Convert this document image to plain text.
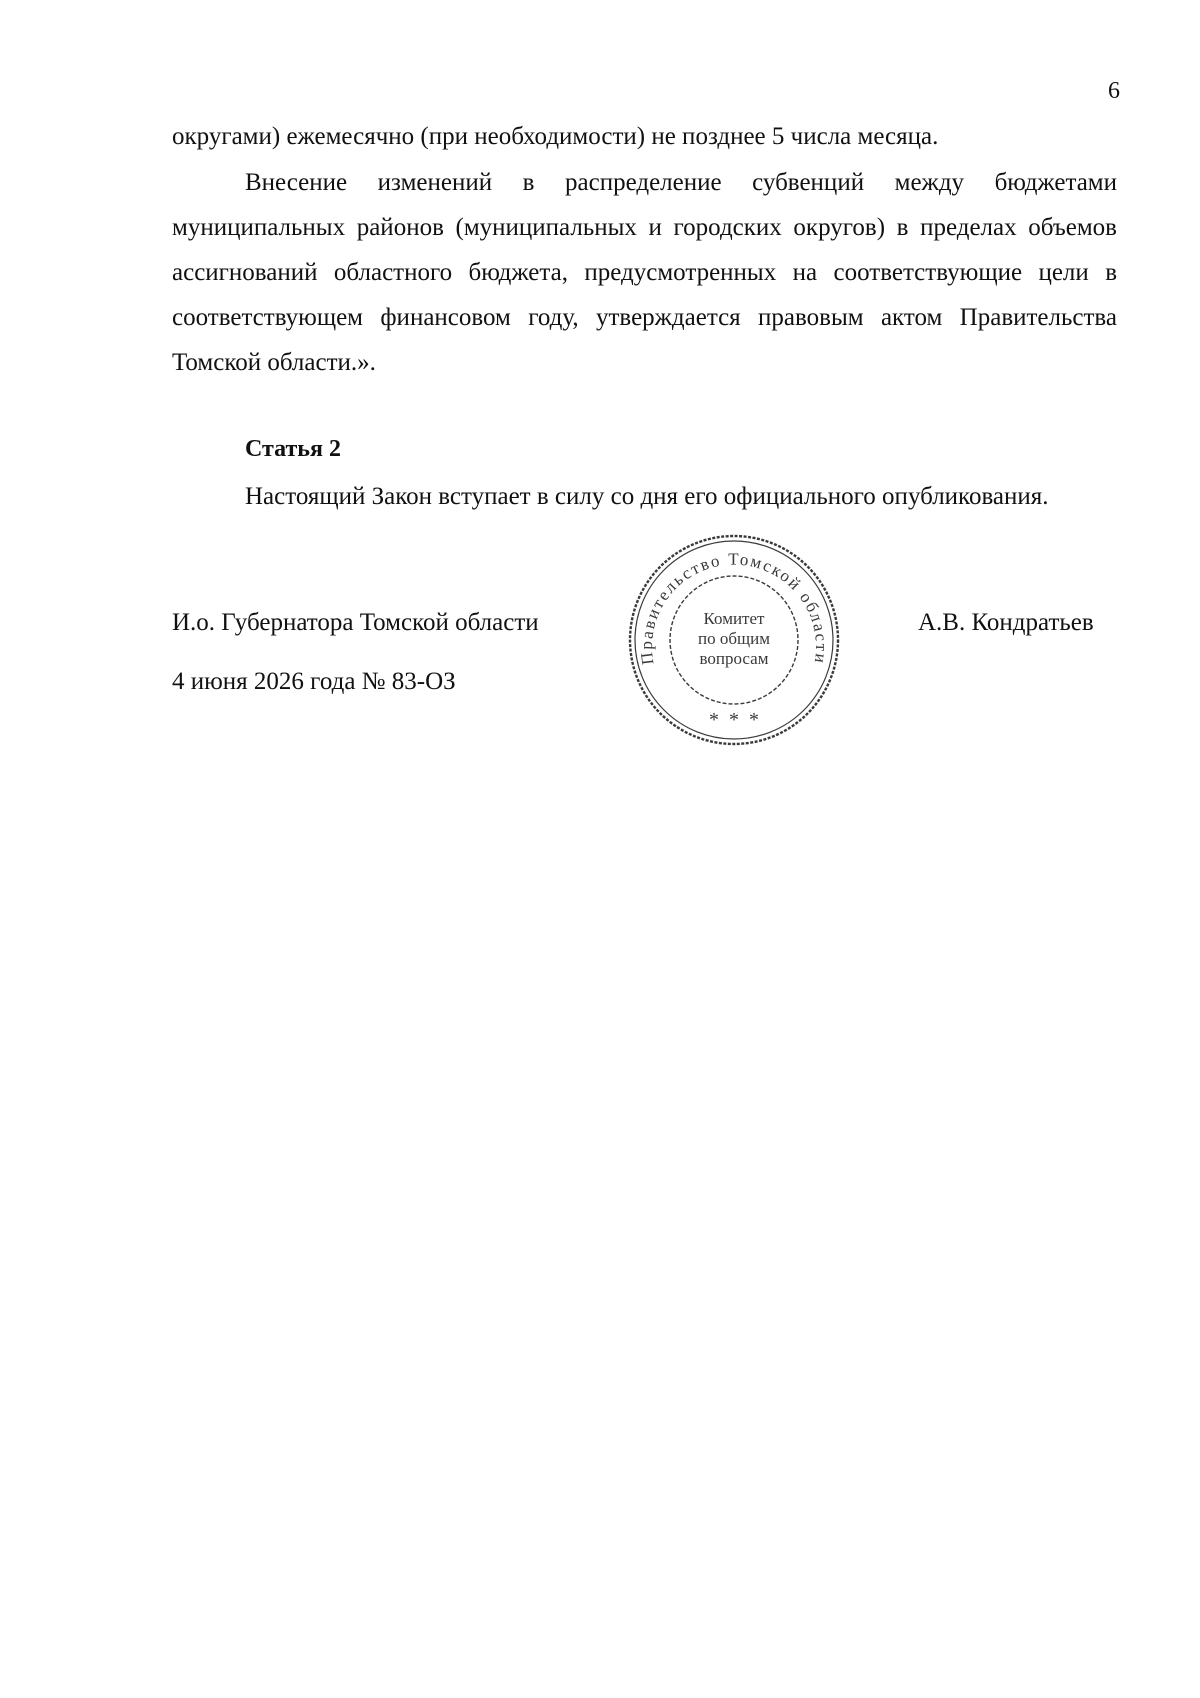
6
округами) ежемесячно (при необходимости) не позднее 5 числа месяца.
Внесение изменений в распределение субвенций между бюджетами муниципальных районов (муниципальных и городских округов) в пределах объемов ассигнований областного бюджета, предусмотренных на соответствующие цели в соответствующем финансовом году, утверждается правовым актом Правительства Томской области.».
Статья 2
Настоящий Закон вступает в силу со дня его официального опубликования.
И.о. Губернатора Томской области
4 июня 2026 года № 83-ОЗ
А.В. Кондратьев
Правительство Томской области
Комитет
по общим
вопросам
*  *  *
